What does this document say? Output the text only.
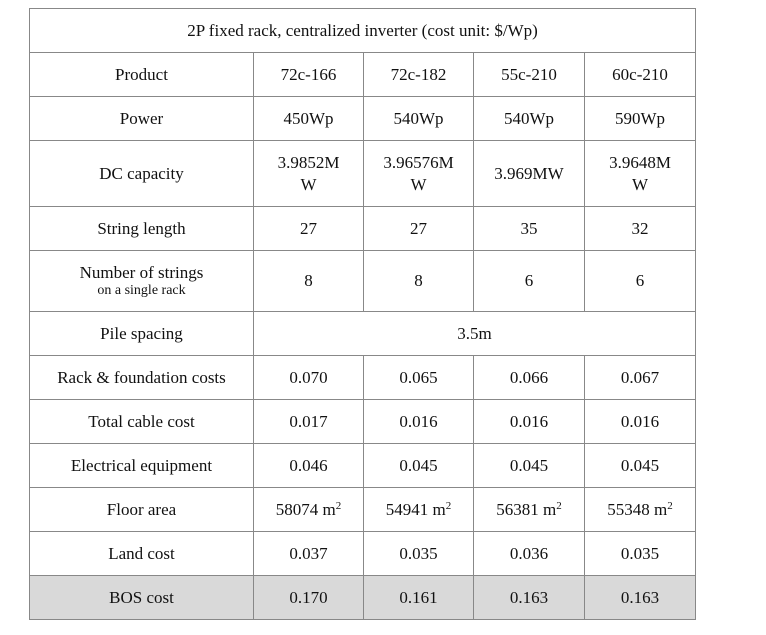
2P fixed rack, centralized inverter (cost unit: $/Wp)				
Product	72c-166	72c-182	55c-210	60c-210
Power	450Wp	540Wp	540Wp	590Wp
DC capacity	3.9852MW	3.96576MW	3.969MW	3.9648MW
String length	27	27	35	32

Number of strings
on a single rack	8	8	6	6
Pile spacing	3.5m			
Rack & foundation costs	0.070	0.065	0.066	0.067
Total cable cost	0.017	0.016	0.016	0.016
Electrical equipment	0.046	0.045	0.045	0.045
Floor area	58074 $m^2$	54941 $m^2$	56381 $m^2$	55348 $m^2$
Land cost	0.037	0.035	0.036	0.035
BOS cost	0.170	0.161	0.163	0.163
